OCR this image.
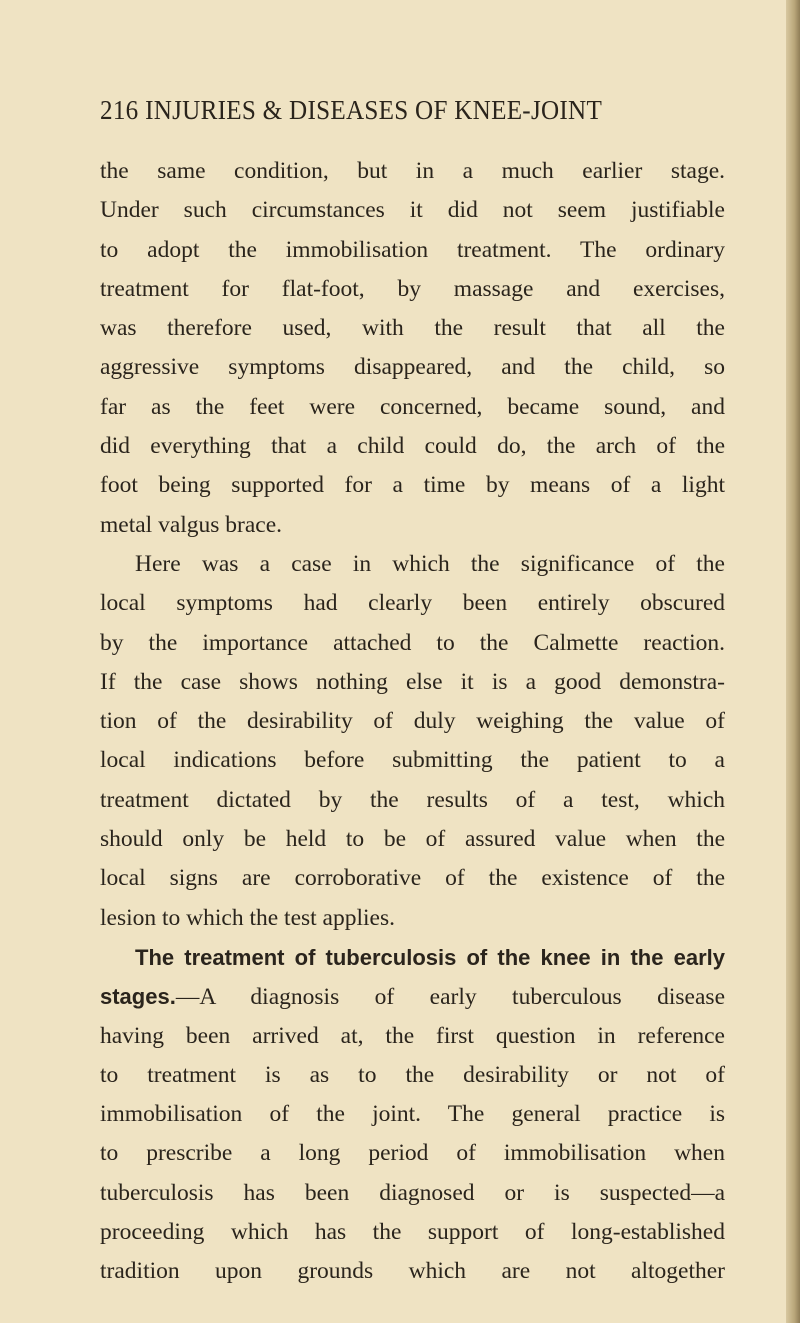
216 INJURIES & DISEASES OF KNEE-JOINT
the same condition, but in a much earlier stage.
Under such circumstances it did not seem justifiable
to adopt the immobilisation treatment. The ordinary
treatment for flat-foot, by massage and exercises,
was therefore used, with the result that all the
aggressive symptoms disappeared, and the child, so
far as the feet were concerned, became sound, and
did everything that a child could do, the arch of the
foot being supported for a time by means of a light
metal valgus brace.
Here was a case in which the significance of the
local symptoms had clearly been entirely obscured
by the importance attached to the Calmette reaction.
If the case shows nothing else it is a good demonstra-
tion of the desirability of duly weighing the value of
local indications before submitting the patient to a
treatment dictated by the results of a test, which
should only be held to be of assured value when the
local signs are corroborative of the existence of the
lesion to which the test applies.
The treatment of tuberculosis of the knee in the early
stages.—A diagnosis of early tuberculous disease
having been arrived at, the first question in reference
to treatment is as to the desirability or not of
immobilisation of the joint. The general practice is
to prescribe a long period of immobilisation when
tuberculosis has been diagnosed or is suspected—a
proceeding which has the support of long-established
tradition upon grounds which are not altogether
